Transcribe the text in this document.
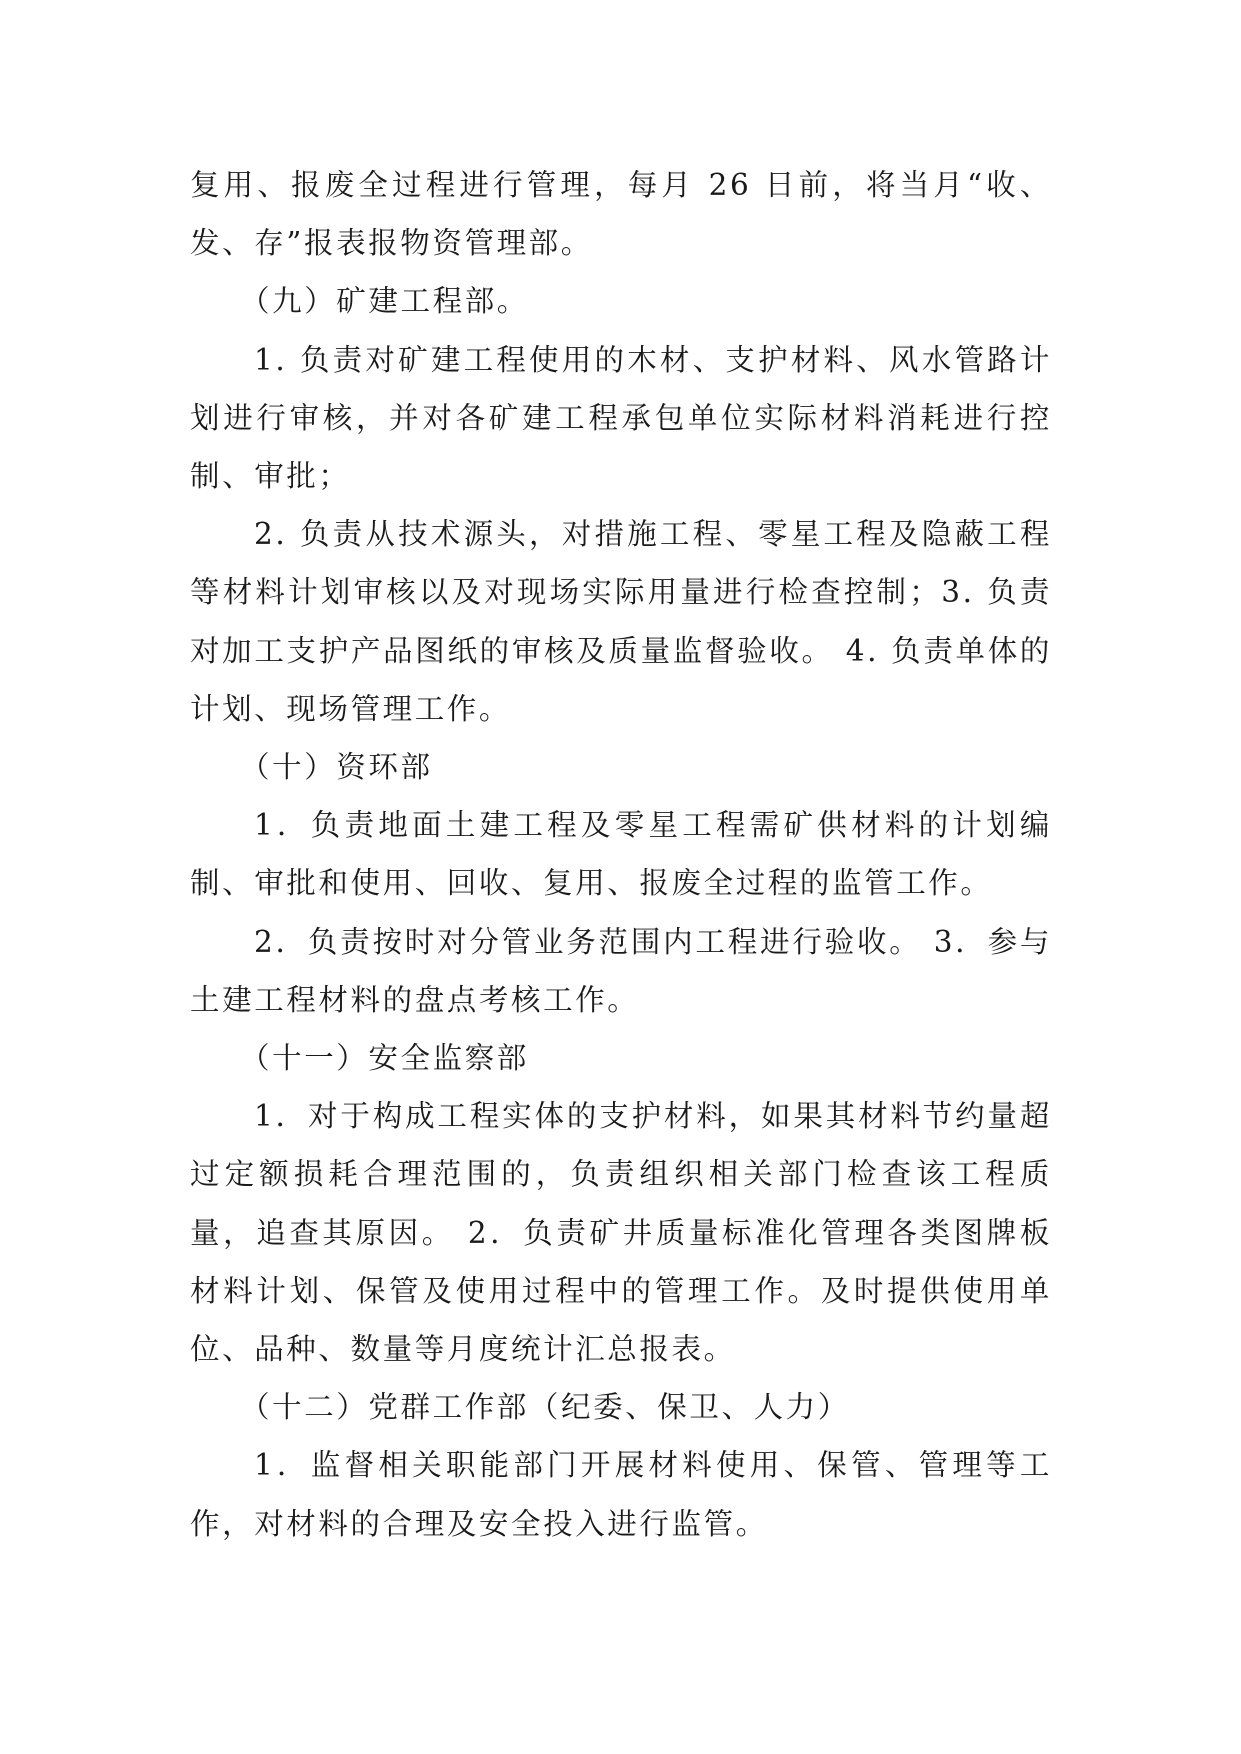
复用、报废全过程进行管理，每月 26 日前，将当月“收、发、存”报表报物资管理部。

（九）矿建工程部。

1. 负责对矿建工程使用的木材、支护材料、风水管路计划进行审核，并对各矿建工程承包单位实际材料消耗进行控制、审批；

2. 负责从技术源头，对措施工程、零星工程及隐蔽工程等材料计划审核以及对现场实际用量进行检查控制；3. 负责对加工支护产品图纸的审核及质量监督验收。 4. 负责单体的计划、现场管理工作。

（十）资环部

1．负责地面土建工程及零星工程需矿供材料的计划编制、审批和使用、回收、复用、报废全过程的监管工作。

2．负责按时对分管业务范围内工程进行验收。 3．参与土建工程材料的盘点考核工作。

（十一）安全监察部

1．对于构成工程实体的支护材料，如果其材料节约量超过定额损耗合理范围的，负责组织相关部门检查该工程质量，追查其原因。 2．负责矿井质量标准化管理各类图牌板材料计划、保管及使用过程中的管理工作。及时提供使用单位、品种、数量等月度统计汇总报表。

（十二）党群工作部（纪委、保卫、人力）

1．监督相关职能部门开展材料使用、保管、管理等工作，对材料的合理及安全投入进行监管。
